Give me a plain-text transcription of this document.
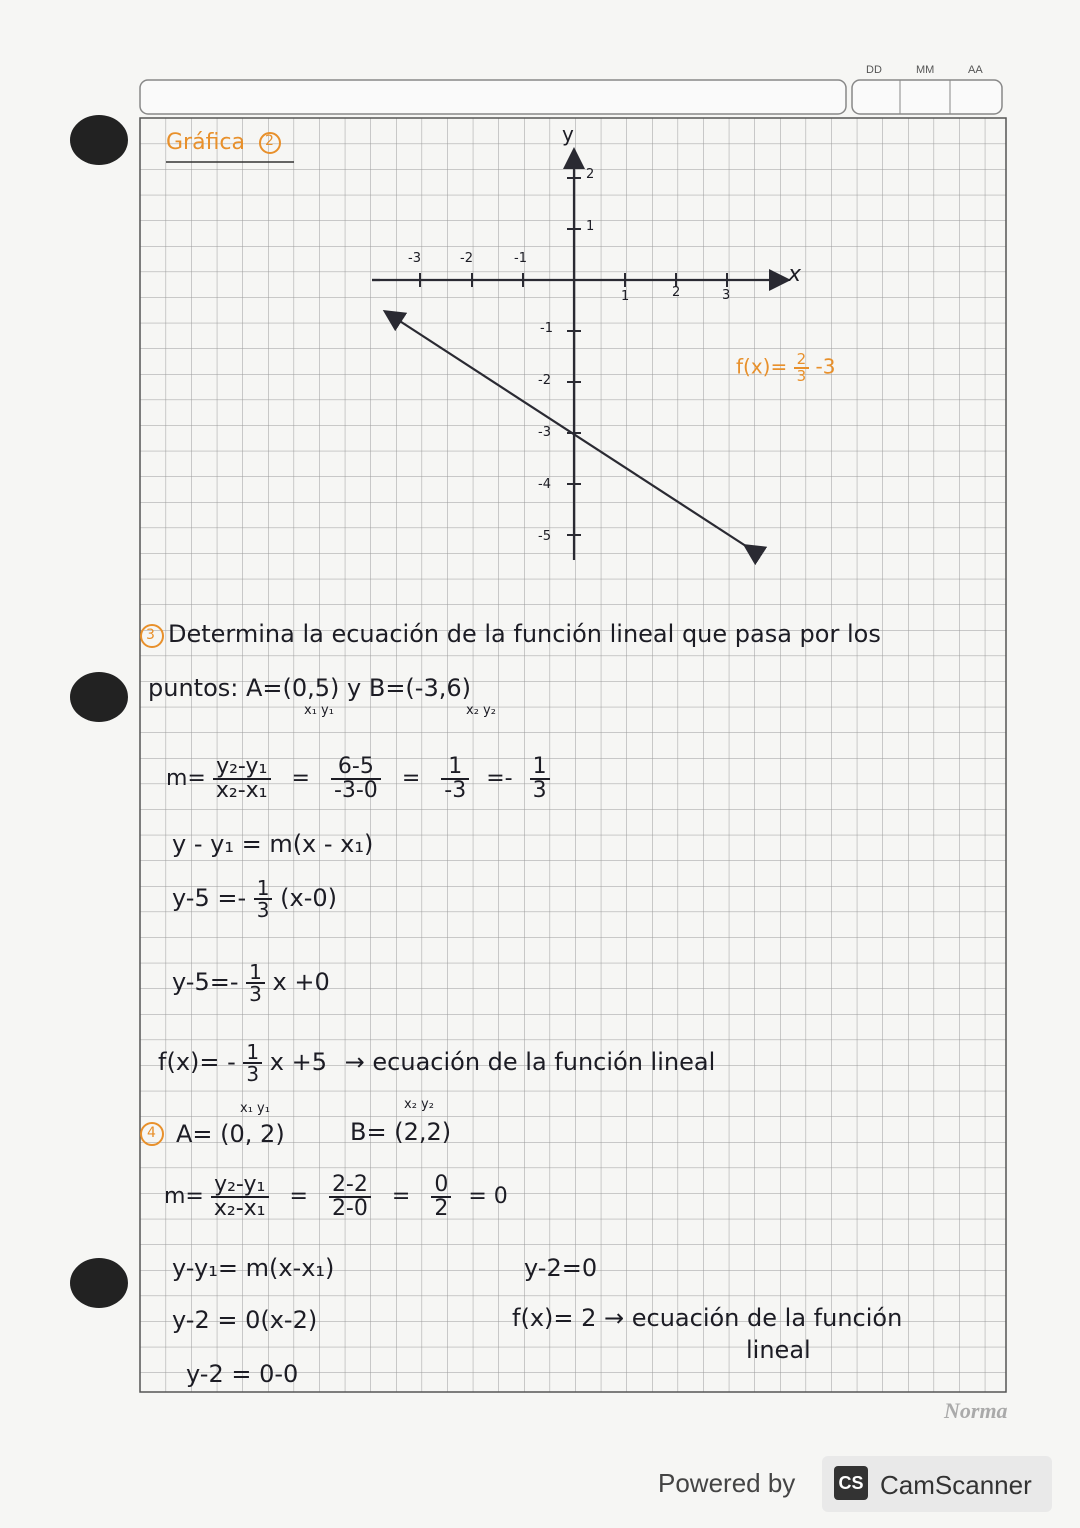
DD	MM	AA
Gráfica 2	y
x
-3	-2	-1
1	2	3
2
1
-1
-2
-3
-4
-5
$f(x)= \frac{2}{3} -3$
3 Determina la ecuación de la función lineal que pasa por los
puntos: A=(0,5) y B=(-3,6)
x₁ y₁	x₂ y₂
$m= \frac{\text{y₂-y₁}}{\text{x₂-x₁}} = \frac{6-5}{-3-0} = \frac{1}{-3} =- \frac{1}{3}$
y - y₁ = m(x - x₁)
$y-5 =- \frac{1}{3} (x-0)$
$y-5=- \frac{1}{3}$ x +0
$f(x)= - \frac{1}{3}$ x +5 → ecuación de la función lineal
4
x₁ y₁
A= (0, 2)
x₂ y₂
B= (2,2)
$m= \frac{\text{y₂-y₁}}{\text{x₂-x₁}} = \frac{2-2}{2-0} = \frac{0}{2} = 0$
y-y₁= m(x-x₁)
y-2 = 0(x-2)
y-2 = 0-0
y-2=0
f(x)= 2 → ecuación de la función
lineal
Norma
Powered by CS CamScanner
